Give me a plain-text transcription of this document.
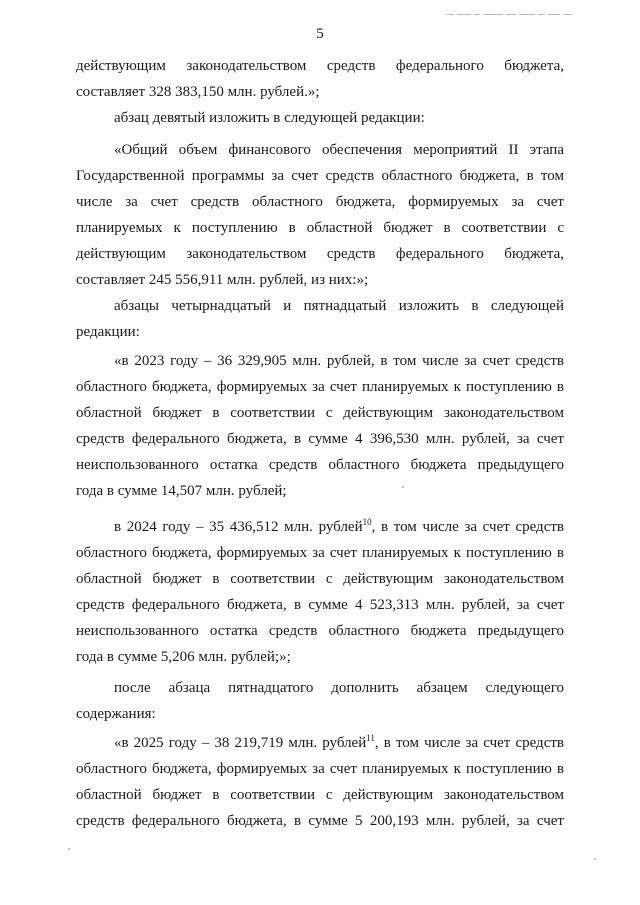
5
действующим законодательством средств федерального бюджета,
составляет 328 383,150 млн. рублей.»;
абзац девятый изложить в следующей редакции:
«Общий объем финансового обеспечения мероприятий II этапа
Государственной программы за счет средств областного бюджета, в том
числе за счет средств областного бюджета, формируемых за счет
планируемых к поступлению в областной бюджет в соответствии с
действующим законодательством средств федерального бюджета,
составляет 245 556,911 млн. рублей, из них:»;
абзацы четырнадцатый и пятнадцатый изложить в следующей
редакции:
«в 2023 году – 36 329,905 млн. рублей, в том числе за счет средств
областного бюджета, формируемых за счет планируемых к поступлению в
областной бюджет в соответствии с действующим законодательством
средств федерального бюджета, в сумме 4 396,530 млн. рублей, за счет
неиспользованного остатка средств областного бюджета предыдущего
года в сумме 14,507 млн. рублей;
в 2024 году – 35 436,512 млн. рублей$^{10}$, в том числе за счет средств
областного бюджета, формируемых за счет планируемых к поступлению в
областной бюджет в соответствии с действующим законодательством
средств федерального бюджета, в сумме 4 523,313 млн. рублей, за счет
неиспользованного остатка средств областного бюджета предыдущего
года в сумме 5,206 млн. рублей;»;
после абзаца пятнадцатого дополнить абзацем следующего
содержания:
«в 2025 году – 38 219,719 млн. рублей$^{11}$, в том числе за счет средств
областного бюджета, формируемых за счет планируемых к поступлению в
областной бюджет в соответствии с действующим законодательством
средств федерального бюджета, в сумме 5 200,193 млн. рублей, за счет
